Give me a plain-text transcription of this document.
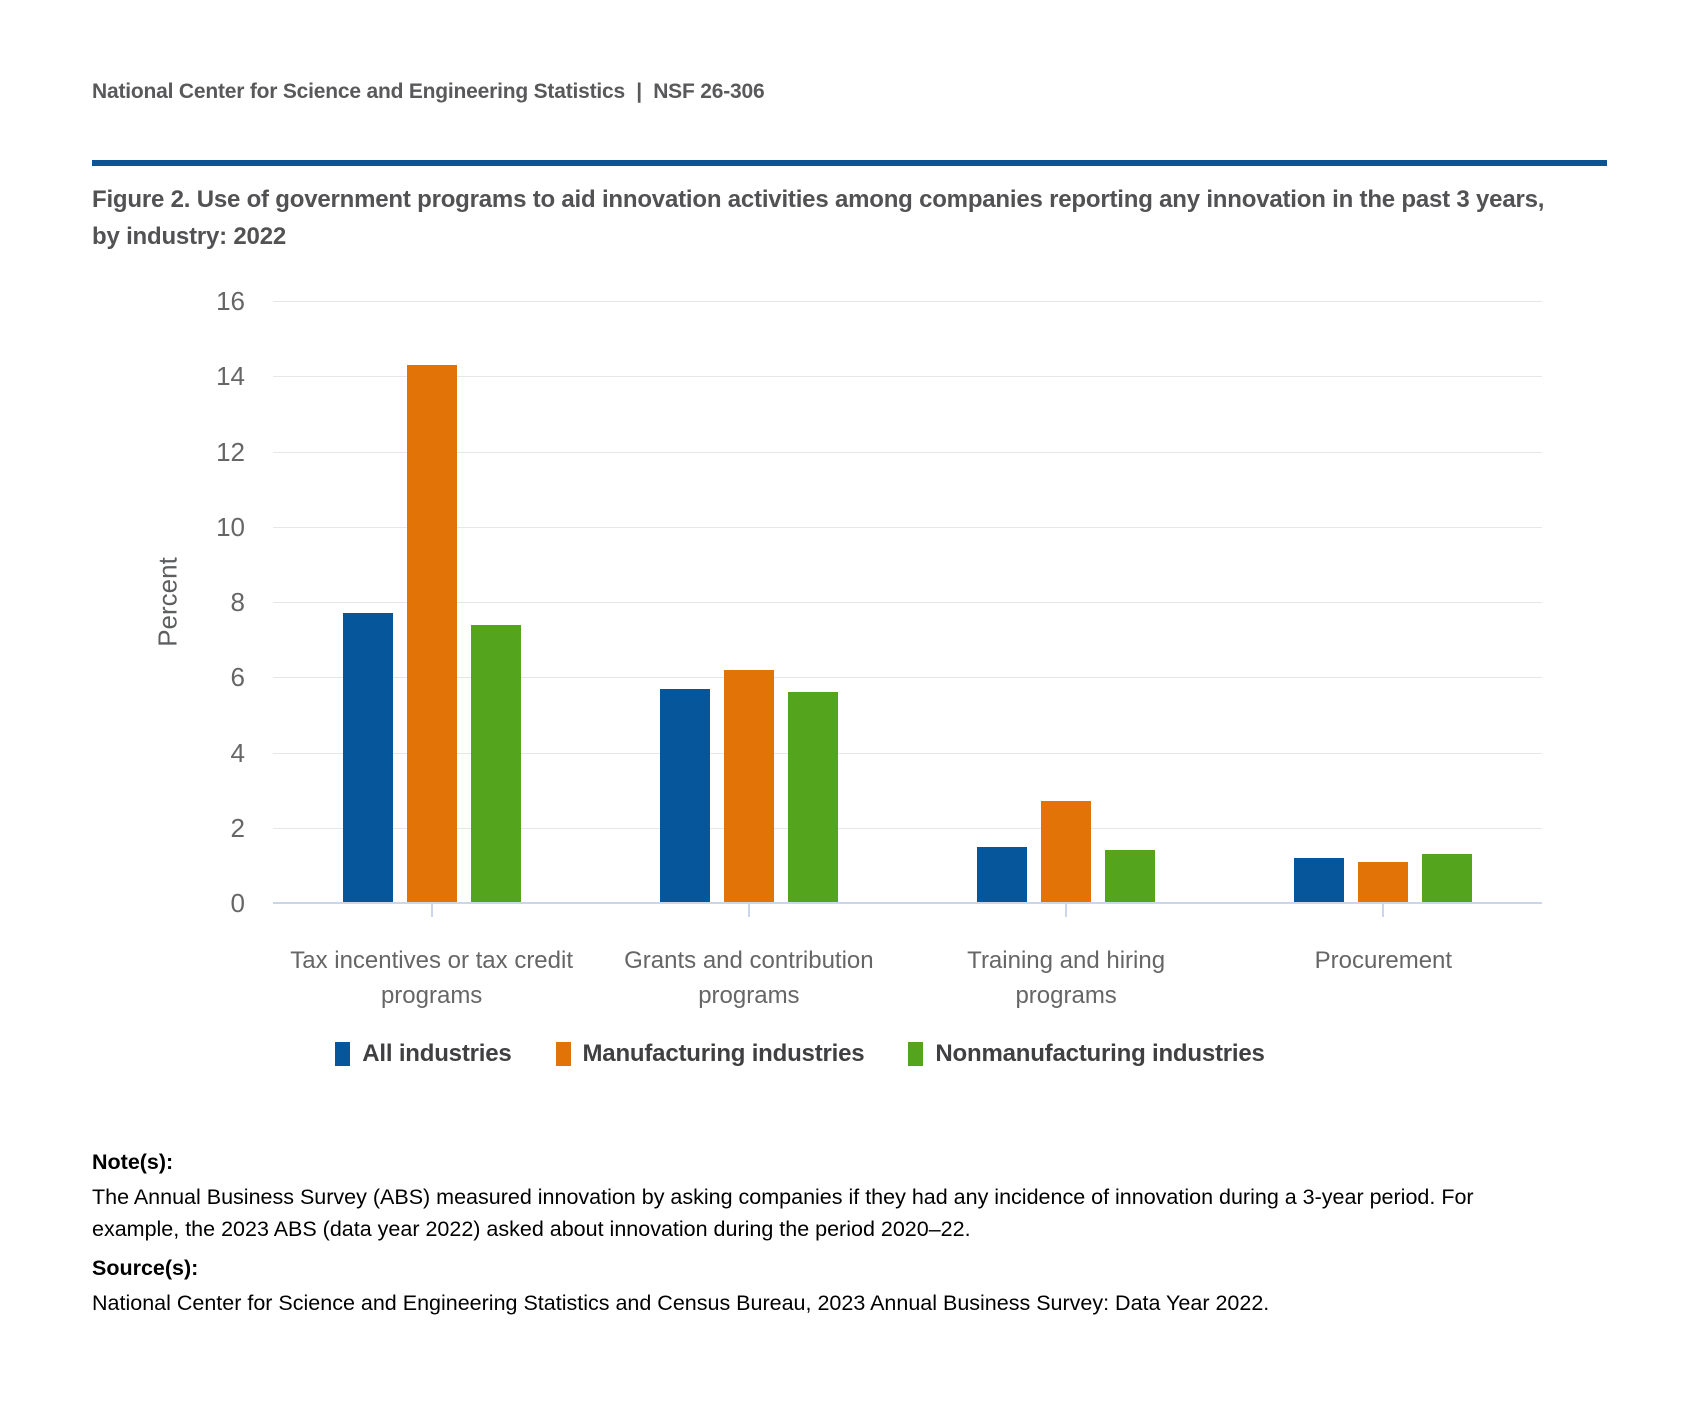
National Center for Science and Engineering Statistics  |  NSF 26-306
Figure 2. Use of government programs to aid innovation activities among companies reporting any innovation in the past 3 years, by industry: 2022
0
2
4
6
8
10
12
14
16
Percent
Tax incentives or tax credit
programs
Grants and contribution
programs
Training and hiring
programs
Procurement
All industries	Manufacturing industries	Nonmanufacturing industries
Note(s):
The Annual Business Survey (ABS) measured innovation by asking companies if they had any incidence of innovation during a 3-year period. For example, the 2023 ABS (data year 2022) asked about innovation during the period 2020–22.
Source(s):
National Center for Science and Engineering Statistics and Census Bureau, 2023 Annual Business Survey: Data Year 2022.
